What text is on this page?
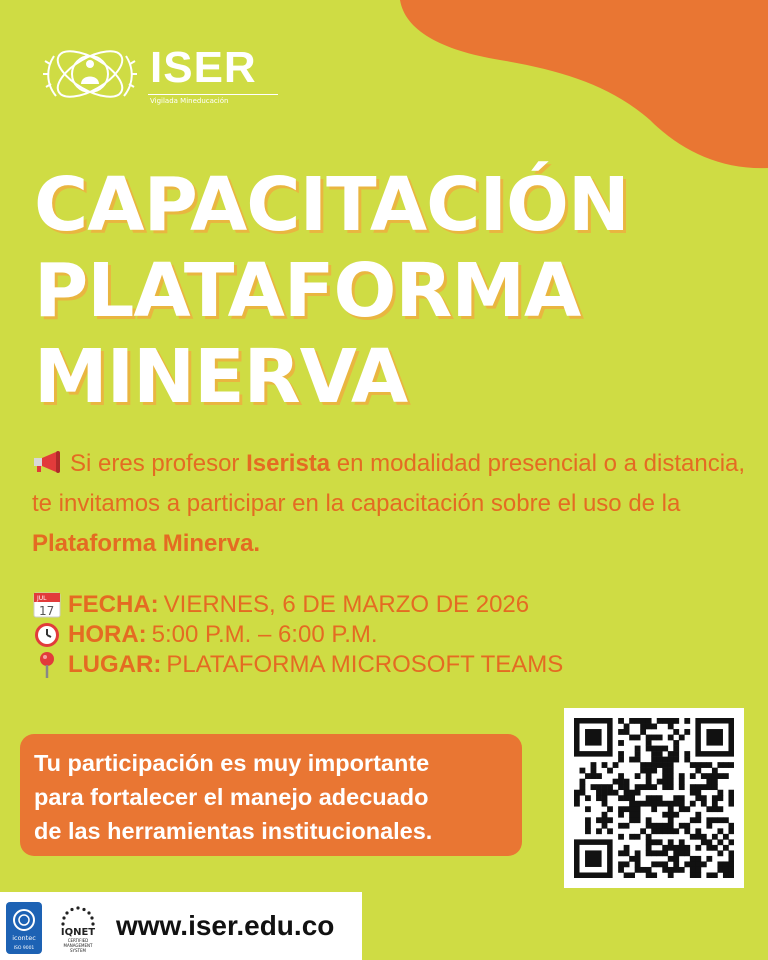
ISER
Vigilada Mineducación
CAPACITACIÓN
PLATAFORMA
MINERVA
Si eres profesor Iserista en modalidad presencial o a distancia, te invitamos a participar en la capacitación sobre el uso de la Plataforma Minerva.
JUL
17 FECHA: VIERNES, 6 DE MARZO DE 2026
HORA: 5:00 P.M. – 6:00 P.M.
LUGAR: PLATAFORMA MICROSOFT TEAMS
Tu participación es muy importante
para fortalecer el manejo adecuado
de las herramientas institucionales.
icontec
ISO 9001
IQNET
CERTIFIED
MANAGEMENT
SYSTEM
www.iser.edu.co
